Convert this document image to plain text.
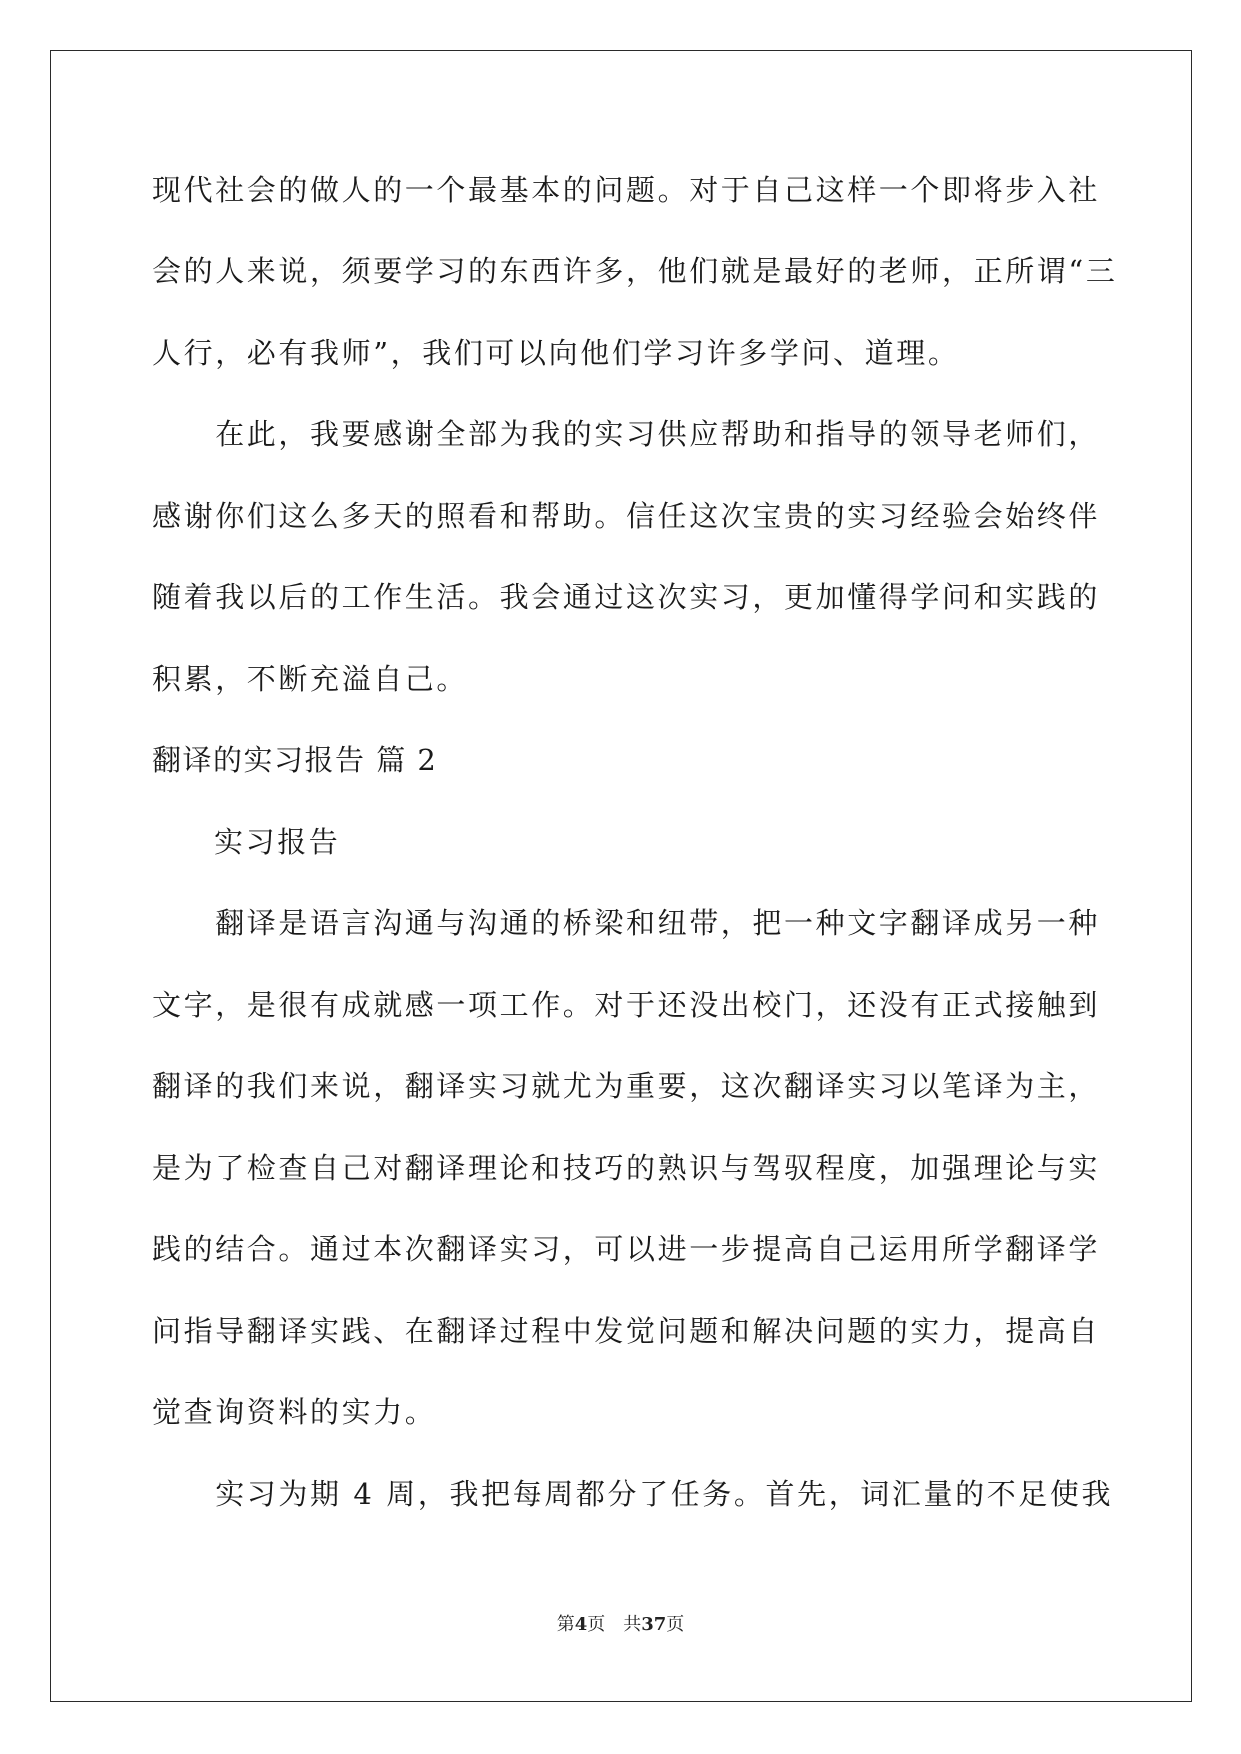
现代社会的做人的一个最基本的问题。对于自己这样一个即将步入社
会的人来说，须要学习的东西许多，他们就是最好的老师，正所谓“三
人行，必有我师”，我们可以向他们学习许多学问、道理。
　　在此，我要感谢全部为我的实习供应帮助和指导的领导老师们，
感谢你们这么多天的照看和帮助。信任这次宝贵的实习经验会始终伴
随着我以后的工作生活。我会通过这次实习，更加懂得学问和实践的
积累，不断充溢自己。
翻译的实习报告 篇 2
实习报告
　　翻译是语言沟通与沟通的桥梁和纽带，把一种文字翻译成另一种
文字，是很有成就感一项工作。对于还没出校门，还没有正式接触到
翻译的我们来说，翻译实习就尤为重要，这次翻译实习以笔译为主，
是为了检查自己对翻译理论和技巧的熟识与驾驭程度，加强理论与实
践的结合。通过本次翻译实习，可以进一步提高自己运用所学翻译学
问指导翻译实践、在翻译过程中发觉问题和解决问题的实力，提高自
觉查询资料的实力。
　　实习为期 4 周，我把每周都分了任务。首先，词汇量的不足使我
第4页　共37页
